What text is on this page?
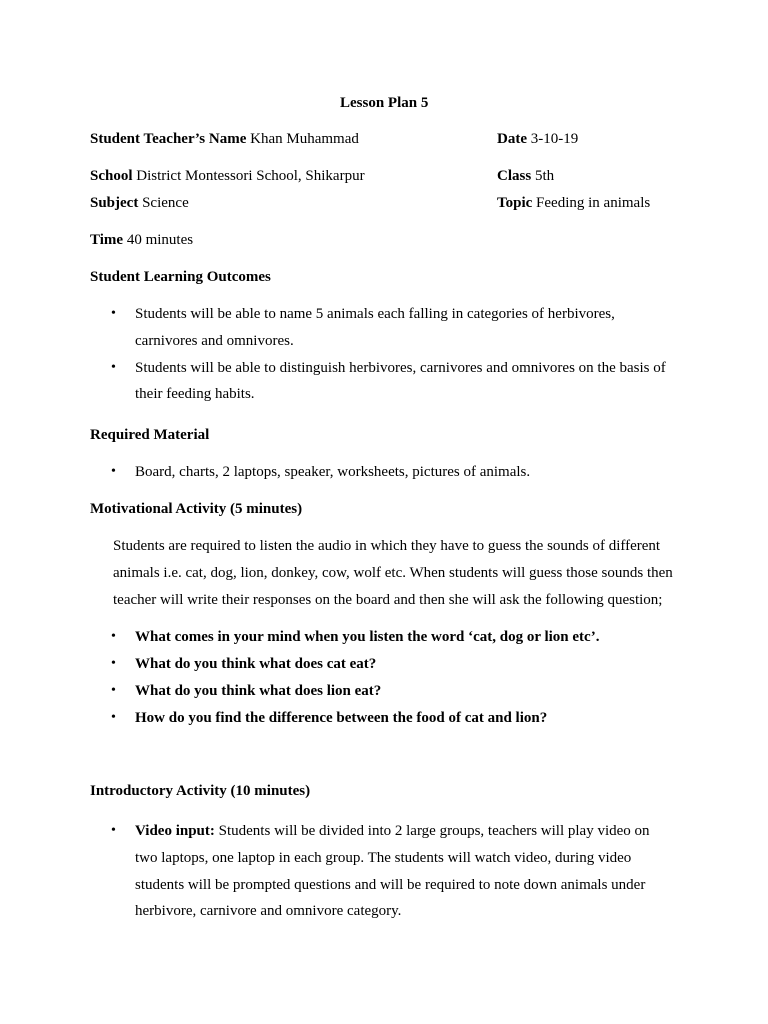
Lesson Plan 5
Student Teacher’s Name Khan Muhammad	Date 3-10-19
School District Montessori School, Shikarpur	Class 5th
Subject Science	Topic Feeding in animals
Time 40 minutes
Student Learning Outcomes
• Students will be able to name 5 animals each falling in categories of herbivores,
carnivores and omnivores.
• Students will be able to distinguish herbivores, carnivores and omnivores on the basis of
their feeding habits.
Required Material
• Board, charts, 2 laptops, speaker, worksheets, pictures of animals.
Motivational Activity (5 minutes)
Students are required to listen the audio in which they have to guess the sounds of different
animals i.e. cat, dog, lion, donkey, cow, wolf etc. When students will guess those sounds then
teacher will write their responses on the board and then she will ask the following question;
• What comes in your mind when you listen the word ‘cat, dog or lion etc’.
• What do you think what does cat eat?
• What do you think what does lion eat?
• How do you find the difference between the food of cat and lion?
Introductory Activity (10 minutes)
• Video input: Students will be divided into 2 large groups, teachers will play video on
two laptops, one laptop in each group. The students will watch video, during video
students will be prompted questions and will be required to note down animals under
herbivore, carnivore and omnivore category.
